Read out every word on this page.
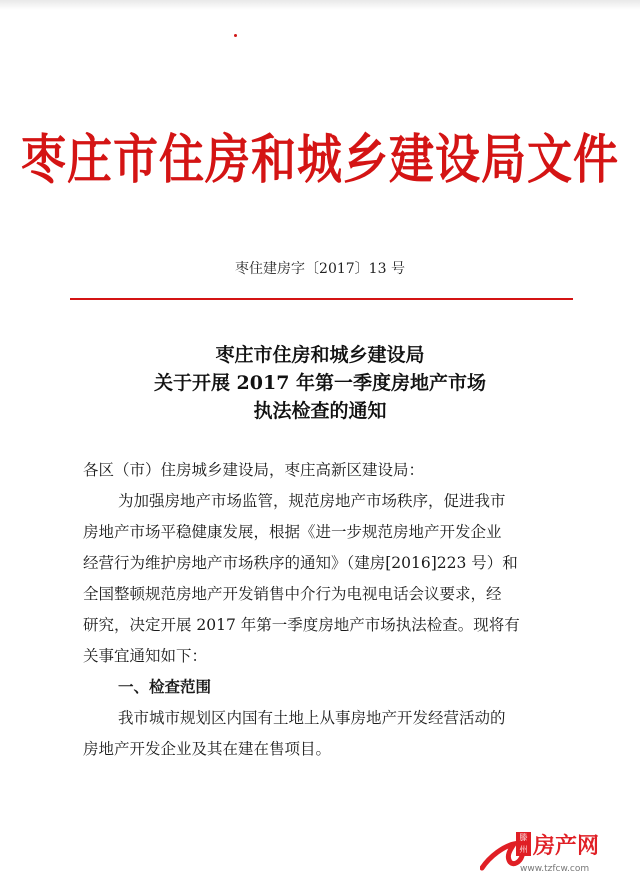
枣庄市住房和城乡建设局文件
枣住建房字〔2017〕13 号
枣庄市住房和城乡建设局
关于开展 2017 年第一季度房地产市场
执法检查的通知
各区（市）住房城乡建设局，枣庄高新区建设局：
为加强房地产市场监管，规范房地产市场秩序，促进我市
房地产市场平稳健康发展，根据《进一步规范房地产开发企业
经营行为维护房地产市场秩序的通知》（建房[2016]223 号）和
全国整顿规范房地产开发销售中介行为电视电话会议要求，经
研究，决定开展 2017 年第一季度房地产市场执法检查。现将有
关事宜通知如下：
一、检查范围
我市城市规划区内国有土地上从事房地产开发经营活动的
房地产开发企业及其在建在售项目。
滕州 房产网
www.tzfcw.com
